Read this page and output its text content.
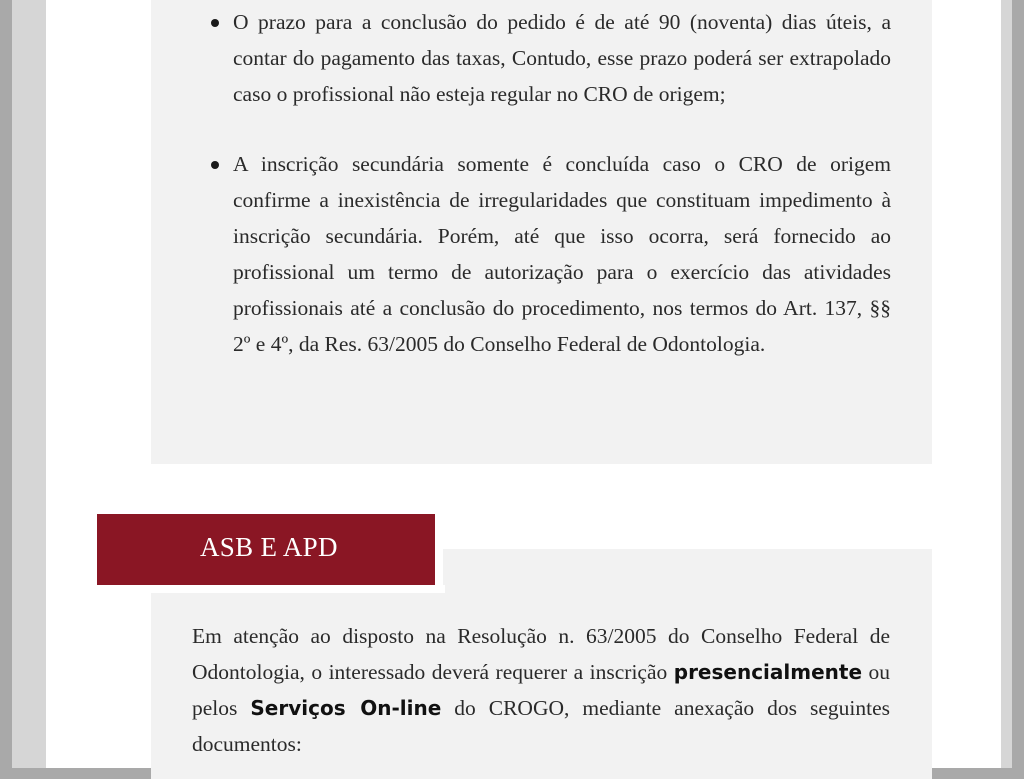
O prazo para a conclusão do pedido é de até 90 (noventa) dias úteis, a contar do pagamento das taxas, Contudo, esse prazo poderá ser extrapolado caso o profissional não esteja regular no CRO de origem;
A inscrição secundária somente é concluída caso o CRO de origem confirme a inexistência de irregularidades que constituam impedimento à inscrição secundária. Porém, até que isso ocorra, será fornecido ao profissional um termo de autorização para o exercício das atividades profissionais até a conclusão do procedimento, nos termos do Art. 137, §§ 2º e 4º, da Res. 63/2005 do Conselho Federal de Odontologia.
ASB E APD

Em atenção ao disposto na Resolução n. 63/2005 do Conselho Federal de Odontologia, o interessado deverá requerer a inscrição presencialmente ou pelos Serviços On-line do CROGO, mediante anexação dos seguintes documentos:
